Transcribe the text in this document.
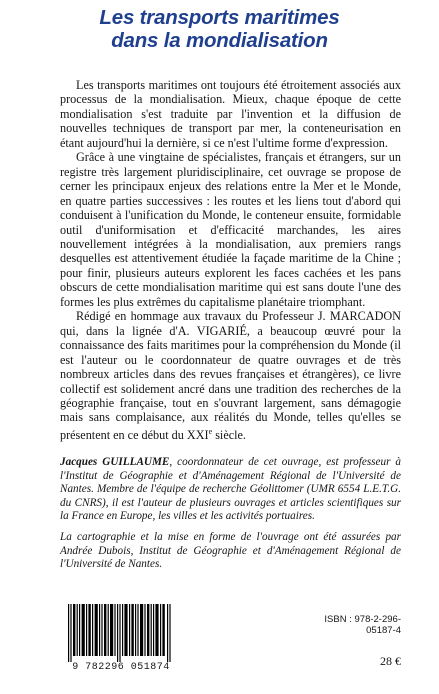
Les transports maritimes
dans la mondialisation

Les transports maritimes ont toujours été étroitement associés aux processus de la mondialisation. Mieux, chaque époque de cette mondialisation s'est traduite par l'invention et la diffusion de nouvelles techniques de transport par mer, la conteneurisation en étant aujourd'hui la dernière, si ce n'est l'ultime forme d'expression.

Grâce à une vingtaine de spécialistes, français et étrangers, sur un registre très largement pluridisciplinaire, cet ouvrage se propose de cerner les principaux enjeux des relations entre la Mer et le Monde, en quatre parties successives : les routes et les liens tout d'abord qui conduisent à l'unification du Monde, le conteneur ensuite, formidable outil d'uniformisation et d'efficacité marchandes, les aires nouvellement intégrées à la mondialisation, aux premiers rangs desquelles est attentivement étudiée la façade maritime de la Chine ; pour finir, plusieurs auteurs explorent les faces cachées et les pans obscurs de cette mondialisation maritime qui est sans doute l'une des formes les plus extrêmes du capitalisme planétaire triomphant.

Rédigé en hommage aux travaux du Professeur J. MARCADON qui, dans la lignée d'A. VIGARIÉ, a beaucoup œuvré pour la connaissance des faits maritimes pour la compréhension du Monde (il est l'auteur ou le coordonnateur de quatre ouvrages et de très nombreux articles dans des revues françaises et étrangères), ce livre collectif est solidement ancré dans une tradition des recherches de la géographie française, tout en s'ouvrant largement, sans démagogie mais sans complaisance, aux réalités du Monde, telles qu'elles se présentent en ce début du XXIe siècle.

Jacques GUILLAUME, coordonnateur de cet ouvrage, est professeur à l'Institut de Géographie et d'Aménagement Régional de l'Université de Nantes. Membre de l'équipe de recherche Géolittomer (UMR 6554 L.E.T.G. du CNRS), il est l'auteur de plusieurs ouvrages et articles scientifiques sur la France en Europe, les villes et les activités portuaires.

La cartographie et la mise en forme de l'ouvrage ont été assurées par Andrée Dubois, Institut de Géographie et d'Aménagement Régional de l'Université de Nantes.

9 782296 051874
ISBN : 978-2-296-05187-4
28 €
